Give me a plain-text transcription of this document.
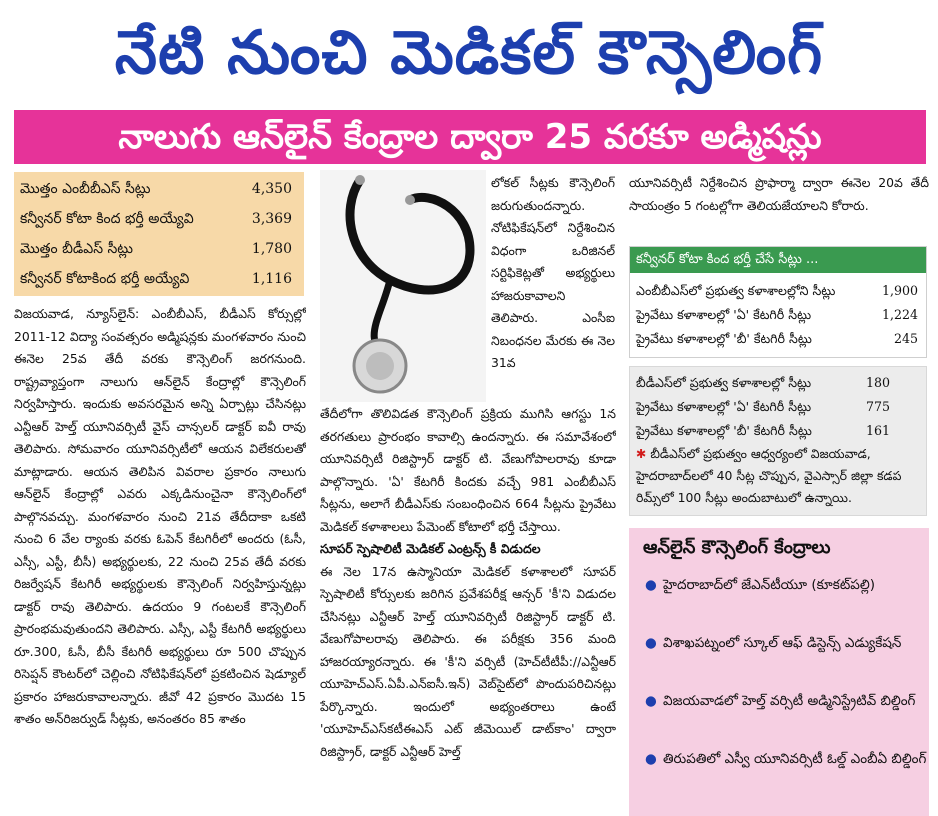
నేటి నుంచి మెడికల్ కౌన్సెలింగ్
నాలుగు ఆన్‌లైన్ కేంద్రాల ద్వారా 25 వరకూ అడ్మిషన్లు
మొత్తం ఎంబీబీఎస్ సీట్లు	4,350
కన్వీనర్ కోటా కింద భర్తీ అయ్యేవి	3,369
మొత్తం బీడీఎస్ సీట్లు	1,780
కన్వీనర్ కోటాకింద భర్తీ అయ్యేవి	1,116

విజయవాడ, న్యూస్‌లైన్: ఎంబీబీఎస్, బీడీఎస్ కోర్సుల్లో 2011-12 విద్యా సంవత్సరం అడ్మిషన్లకు మంగళవారం నుంచి ఈనెల 25వ తేదీ వరకు కౌన్సెలింగ్ జరగనుంది. రాష్ట్రవ్యాప్తంగా నాలుగు ఆన్‌లైన్ కేంద్రాల్లో కౌన్సెలింగ్ నిర్వహిస్తారు. ఇందుకు అవసరమైన అన్ని ఏర్పాట్లు చేసినట్లు ఎన్టీఆర్ హెల్త్ యూనివర్సిటీ వైస్ చాన్సలర్ డాక్టర్ ఐవీ రావు తెలిపారు. సోమవారం యూనివర్సిటీలో ఆయన విలేకరులతో మాట్లాడారు. ఆయన తెలిపిన వివరాల ప్రకారం నాలుగు ఆన్‌లైన్ కేంద్రాల్లో ఎవరు ఎక్కడినుంచైనా కౌన్సెలింగ్‌లో పాల్గొనవచ్చు. మంగళవారం నుంచి 21వ తేదీదాకా ఒకటి నుంచి 6 వేల ర్యాంకు వరకు ఓపెన్ కేటగిరీలో అందరు (ఓసీ, ఎస్సీ, ఎస్టీ, బీసీ) అభ్యర్థులకు, 22 నుంచి 25వ తేదీ వరకు రిజర్వేషన్ కేటగిరీ అభ్యర్థులకు కౌన్సెలింగ్ నిర్వహిస్తున్నట్లు డాక్టర్ రావు తెలిపారు. ఉదయం 9 గంటలకే కౌన్సెలింగ్ ప్రారంభమవుతుందని తెలిపారు. ఎస్సీ, ఎస్టీ కేటగిరీ అభ్యర్థులు రూ.300, ఓసీ, బీసీ కేటగిరీ అభ్యర్థులు రూ 500 చొప్పున రిసెప్షన్ కౌంటర్‌లో చెల్లించి నోటిఫికేషన్‌లో ప్రకటించిన షెడ్యూల్ ప్రకారం హాజరుకావాలన్నారు. జీవో 42 ప్రకారం మొదట 15 శాతం అన్‌రిజర్వుడ్ సీట్లకు, అనంతరం 85 శాతం

లోకల్ సీట్లకు కౌన్సెలింగ్ జరుగుతుందన్నారు. నోటిఫికేషన్‌లో నిర్దేశించిన విధంగా ఒరిజినల్ సర్టిఫికెట్లతో అభ్యర్థులు హాజరుకావాలని తెలిపారు. ఎంసీఐ నిబంధనల మేరకు ఈ నెల 31వ

తేదీలోగా తొలివిడత కౌన్సెలింగ్ ప్రక్రియ ముగిసి ఆగస్టు 1న తరగతులు ప్రారంభం కావాల్సి ఉందన్నారు. ఈ సమావేశంలో యూనివర్సిటీ రిజిస్ట్రార్ డాక్టర్ టి. వేణుగోపాలరావు కూడా పాల్గొన్నారు. 'ఏ' కేటగిరీ కిందకు వచ్చే 981 ఎంబీబీఎస్ సీట్లను, అలాగే బీడీఎస్‌కు సంబంధించిన 664 సీట్లను ప్రైవేటు మెడికల్ కళాశాలలు పేమెంట్ కోటాలో భర్తీ చేస్తాయి.

సూపర్ స్పెషాలిటీ మెడికల్ ఎంట్రన్స్ కీ విడుదల

ఈ నెల 17న ఉస్మానియా మెడికల్ కళాశాలలో సూపర్ స్పెషాలిటీ కోర్సులకు జరిగిన ప్రవేశపరీక్ష ఆన్సర్ 'కీ'ని విడుదల చేసినట్లు ఎన్టీఆర్ హెల్త్ యూనివర్సిటీ రిజిస్ట్రార్ డాక్టర్ టి. వేణుగోపాలరావు తెలిపారు. ఈ పరీక్షకు 356 మంది హాజరయ్యారన్నారు. ఈ 'కీ'ని వర్సిటీ (హెచ్‌టీటీపీ://ఎన్టీఆర్ యూహెచ్ఎస్.ఏపీ.ఎన్ఐసీ.ఇన్) వెబ్‌సైట్‌లో పొందుపరిచినట్లు పేర్కొన్నారు. ఇందులో అభ్యంతరాలు ఉంటే 'యూహెచ్ఎస్‌కటీఈఎస్ ఎట్ జీమెయిల్ డాట్‌కాం' ద్వారా రిజిస్ట్రార్, డాక్టర్ ఎన్టీఆర్ హెల్త్

యూనివర్సిటీ నిర్దేశించిన ప్రొఫార్మా ద్వారా ఈనెల 20వ తేదీ సాయంత్రం 5 గంటల్లోగా తెలియజేయాలని కోరారు.

కన్వీనర్ కోటా కింద భర్తీ చేసే సీట్లు ...
ఎంబీబీఎస్‌లో ప్రభుత్వ కళాశాలల్లోని సీట్లు	1,900
ప్రైవేటు కళాశాలల్లో 'ఏ' కేటగిరీ సీట్లు	1,224
ప్రైవేటు కళాశాలల్లో 'బీ' కేటగిరీ సీట్లు	245
బీడీఎస్‌లో ప్రభుత్వ కళాశాలల్లో సీట్లు	180
ప్రైవేటు కళాశాలల్లో 'ఏ' కేటగిరీ సీట్లు	775
ప్రైవేటు కళాశాలల్లో 'బీ' కేటగిరీ సీట్లు	161
✱ బీడీఎస్‌లో ప్రభుత్వం ఆధ్వర్యంలో విజయవాడ, హైదరాబాద్‌లలో 40 సీట్ల చొప్పున, వైఎస్సార్ జిల్లా కడప రిమ్స్‌లో 100 సీట్లు అందుబాటులో ఉన్నాయి.
ఆన్‌లైన్ కౌన్సెలింగ్ కేంద్రాలు
● హైదరాబాద్‌లో జేఎన్‌టీయూ (కూకట్‌పల్లి)
● విశాఖపట్నంలో స్కూల్ ఆఫ్ డిస్టెన్స్ ఎడ్యుకేషన్
● విజయవాడలో హెల్త్ వర్సిటీ అడ్మినిస్ట్రేటివ్ బిల్డింగ్
● తిరుపతిలో ఎస్వీ యూనివర్సిటీ ఓల్డ్ ఎంబీఏ బిల్డింగ్
